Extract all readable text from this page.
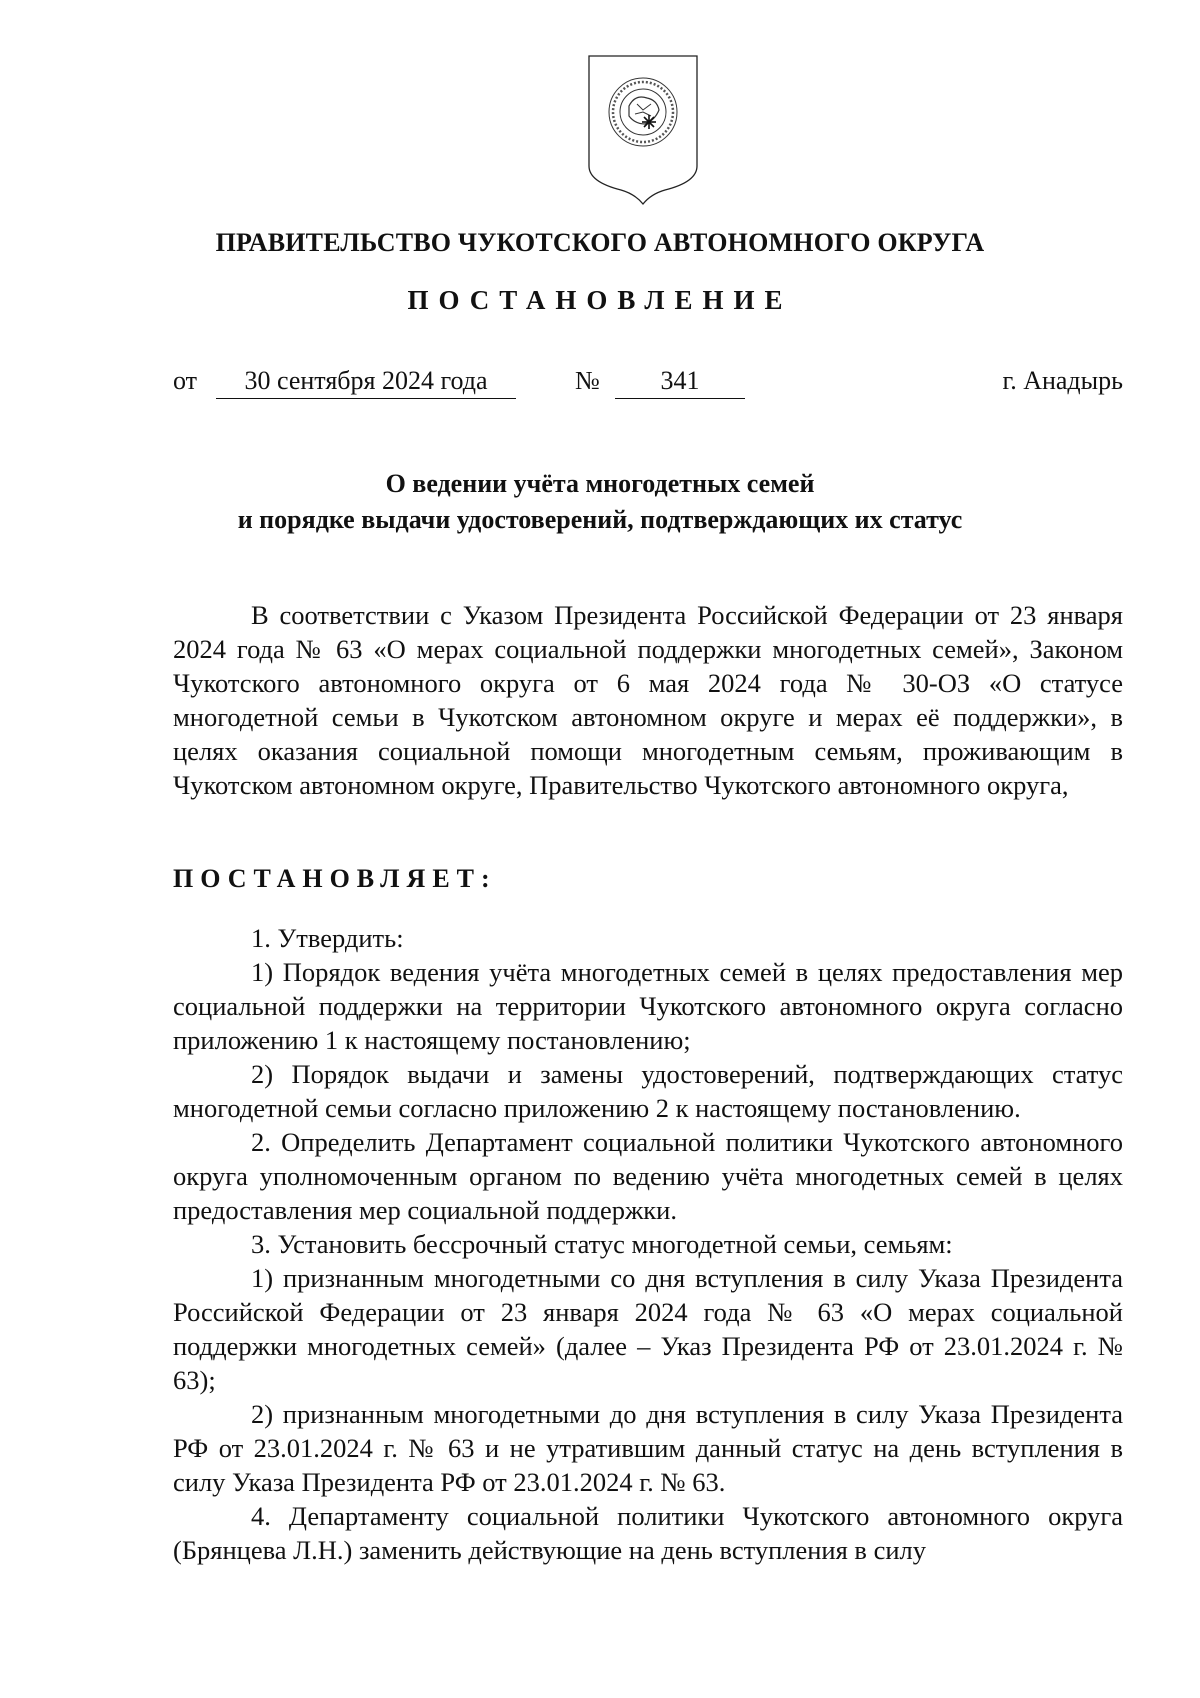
ПРАВИТЕЛЬСТВО ЧУКОТСКОГО АВТОНОМНОГО ОКРУГА
ПОСТАНОВЛЕНИЕ
от	30 сентября 2024 года	№	341	г. Анадырь
О ведении учёта многодетных семей
и порядке выдачи удостоверений, подтверждающих их статус

В соответствии с Указом Президента Российской Федерации от 23 января 2024 года № 63 «О мерах социальной поддержки многодетных семей», Законом Чукотского автономного округа от 6 мая 2024 года № 30-ОЗ «О статусе многодетной семьи в Чукотском автономном округе и мерах её поддержки», в целях оказания социальной помощи многодетным семьям, проживающим в Чукотском автономном округе, Правительство Чукотского автономного округа,

ПОСТАНОВЛЯЕТ:

1. Утвердить:

1) Порядок ведения учёта многодетных семей в целях предоставления мер социальной поддержки на территории Чукотского автономного округа согласно приложению 1 к настоящему постановлению;

2) Порядок выдачи и замены удостоверений, подтверждающих статус многодетной семьи согласно приложению 2 к настоящему постановлению.

2. Определить Департамент социальной политики Чукотского автономного округа уполномоченным органом по ведению учёта многодетных семей в целях предоставления мер социальной поддержки.

3. Установить бессрочный статус многодетной семьи, семьям:

1) признанным многодетными со дня вступления в силу Указа Президента Российской Федерации от 23 января 2024 года № 63 «О мерах социальной поддержки многодетных семей» (далее – Указ Президента РФ от 23.01.2024 г. № 63);

2) признанным многодетными до дня вступления в силу Указа Президента РФ от 23.01.2024 г. № 63 и не утратившим данный статус на день вступления в силу Указа Президента РФ от 23.01.2024 г. № 63.

4. Департаменту социальной политики Чукотского автономного округа (Брянцева Л.Н.) заменить действующие на день вступления в силу
